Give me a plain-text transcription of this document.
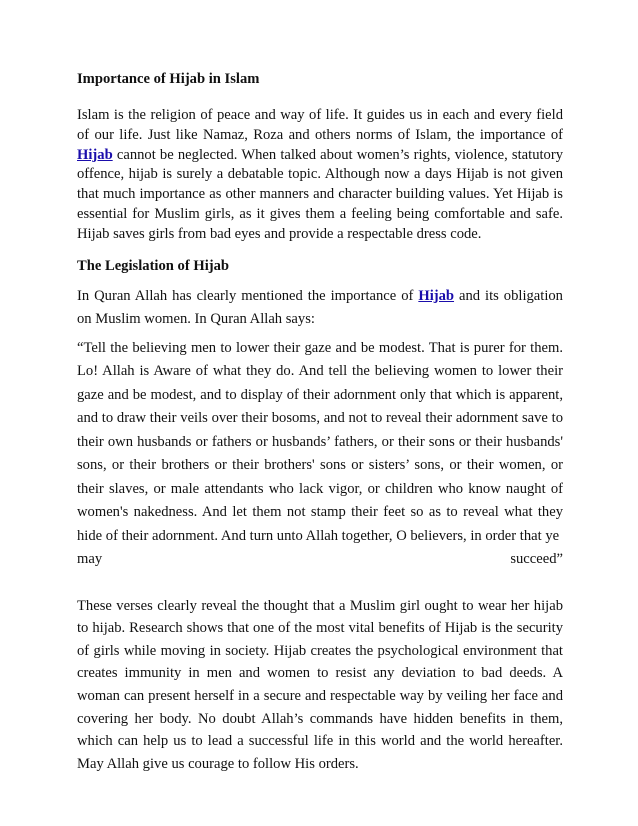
Importance of Hijab in Islam

Islam is the religion of peace and way of life. It guides us in each and every field of our life. Just like Namaz, Roza and others norms of Islam, the importance of Hijab cannot be neglected. When talked about women’s rights, violence, statutory offence, hijab is surely a debatable topic. Although now a days Hijab is not given that much importance as other manners and character building values. Yet Hijab is essential for Muslim girls, as it gives them a feeling being comfortable and safe. Hijab saves girls from bad eyes and provide a respectable dress code.

The Legislation of Hijab

In Quran Allah has clearly mentioned the importance of Hijab and its obligation on Muslim women. In Quran Allah says:

“Tell the believing men to lower their gaze and be modest. That is purer for them. Lo! Allah is Aware of what they do. And tell the believing women to lower their gaze and be modest, and to display of their adornment only that which is apparent, and to draw their veils over their bosoms, and not to reveal their adornment save to their own husbands or fathers or husbands’ fathers, or their sons or their husbands' sons, or their brothers or their brothers' sons or sisters’ sons, or their women, or their slaves, or male attendants who lack vigor, or children who know naught of women's nakedness. And let them not stamp their feet so as to reveal what they hide of their adornment. And turn unto Allah together, O believers, in order that ye
may	succeed”

These verses clearly reveal the thought that a Muslim girl ought to wear her hijab to hijab. Research shows that one of the most vital benefits of Hijab is the security of girls while moving in society. Hijab creates the psychological environment that creates immunity in men and women to resist any deviation to bad deeds. A woman can present herself in a secure and respectable way by veiling her face and covering her body. No doubt Allah’s commands have hidden benefits in them, which can help us to lead a successful life in this world and the world hereafter. May Allah give us courage to follow His orders.
